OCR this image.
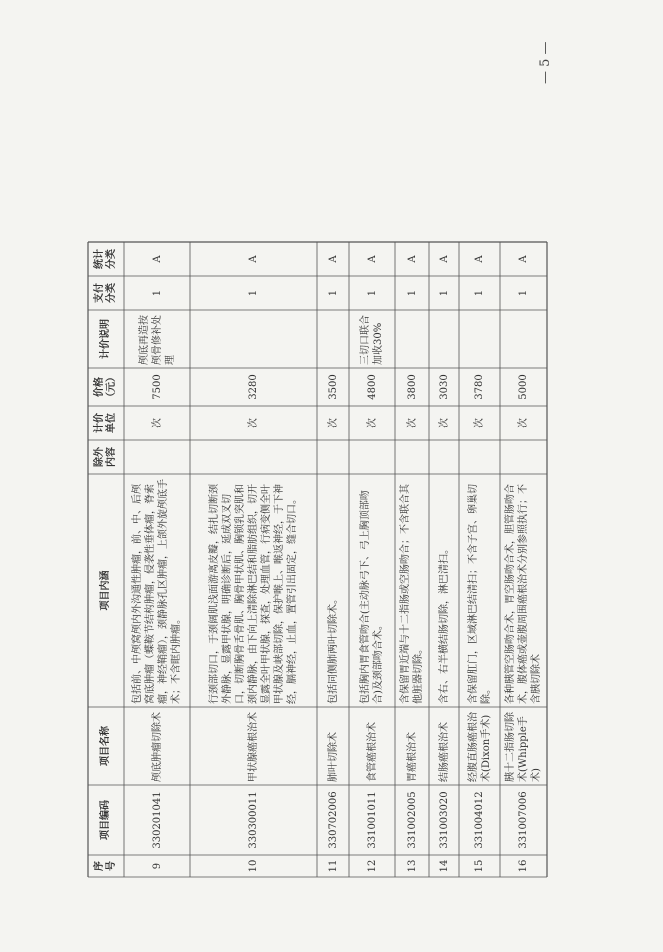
序号
项目编码
项目名称
项目内涵
除外内容
计价单位
价格（元）
计价说明
支付分类
统计分类
9
330201041
颅底肿瘤切除术
包括前、中颅窝颅内外沟通性肿瘤，前、中、后颅窝底肿瘤（蝶鞍节结构肿瘤，侵袭性垂体瘤，脊索瘤，神经鞘瘤），颈静脉孔区肿瘤，上颌外旋颅底手术；不含眶内肿瘤。
次
7500
颅底再造按颅骨修补处理
1
A
10
330300011
甲状腺癌根治术
行颈部切口，于颈阔肌浅面游离皮瓣，结扎切断颈外静脉，显露甲状腺，明确诊断后，延成双叉切口，切断胸骨舌骨肌、胸骨甲状肌、胸锁乳突肌和颈内静脉，由下向上清除淋巴结和脂肪组织，切开显露全叶甲状腺，探查，处理血管，行病变侧全叶甲状腺及峡部切除，保护喉上、喉返神经，于下神经，膈神经，止血，置管引出固定，缝合切口。
次
3280
1
A
11
330702006
肺叶切除术
包括同侧肺两叶切除术。
次
3500
1
A
12
331001011
食管癌根治术
包括胸内胃食管吻合(主动脉弓下、弓上胸顶部吻合)及颈部吻合术。
次
4800
三切口联合加收30%
1
A
13
331002005
胃癌根治术
含保留胃近端与十二指肠或空肠吻合；不含联合其他脏器切除。
次
3800
1
A
14
331003020
结肠癌根治术
含右、右半横结肠切除，淋巴清扫。
次
3030
1
A
15
331004012
经腹直肠癌根治术(Dixon手术)
含保留肛门，区域淋巴结清扫；不含子宫、卵巢切除。
次
3780
1
A
16
331007006
胰十二指肠切除术(Whipple手术)
各种胰管空肠吻合术，胃空肠吻合术，胆管肠吻合术，腹体癌或壶腹周围癌根治术分别参照执行；不含胰切除术
次
5000
1
A
— 5 —
